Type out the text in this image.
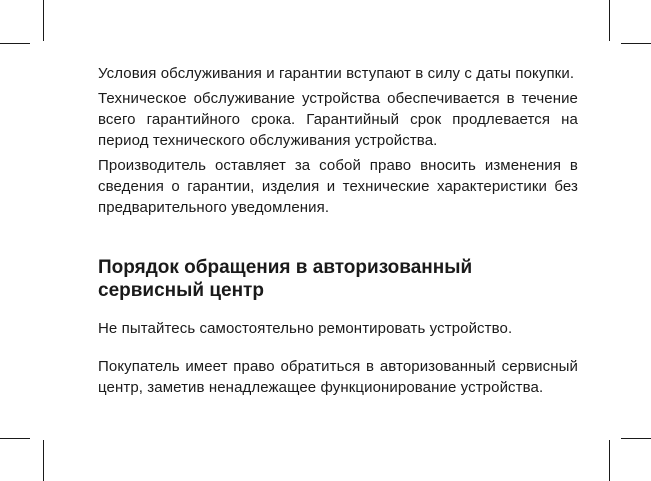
Условия обслуживания и гарантии вступают в силу с даты покупки.

Техническое обслуживание устройства обеспечивается в течение всего гарантийного срока. Гарантийный срок продлевается на период технического обслуживания устройства.

Производитель оставляет за собой право вносить изменения в сведения о гарантии, изделия и технические характеристики без предварительного уведомления.

Порядок обращения в авторизованный сервисный центр

Не пытайтесь самостоятельно ремонтировать устройство.

Покупатель имеет право обратиться в авторизованный сервисный центр, заметив ненадлежащее функционирование устройства.
